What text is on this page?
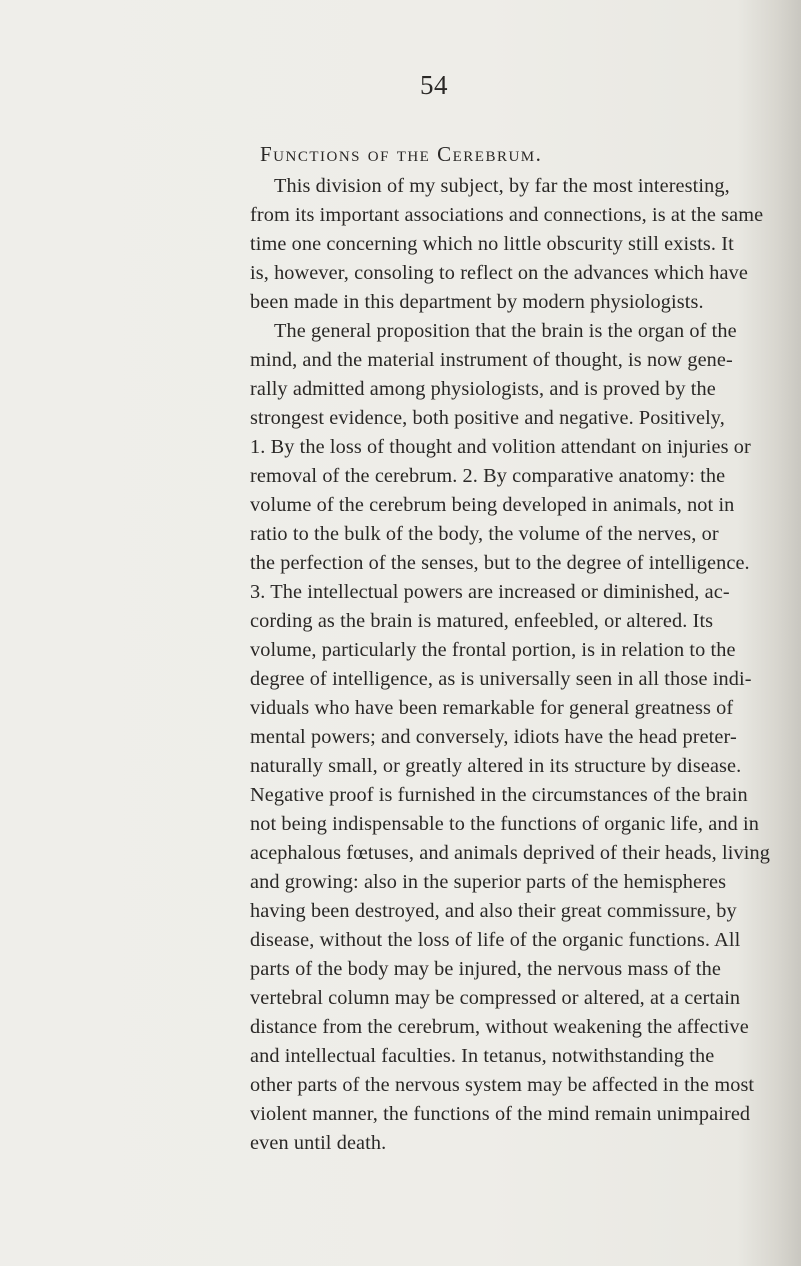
54
Functions of the Cerebrum.
This division of my subject, by far the most interesting,
from its important associations and connections, is at the same
time one concerning which no little obscurity still exists. It
is, however, consoling to reflect on the advances which have
been made in this department by modern physiologists.
The general proposition that the brain is the organ of the
mind, and the material instrument of thought, is now gene-
rally admitted among physiologists, and is proved by the
strongest evidence, both positive and negative. Positively,
1. By the loss of thought and volition attendant on injuries or
removal of the cerebrum. 2. By comparative anatomy: the
volume of the cerebrum being developed in animals, not in
ratio to the bulk of the body, the volume of the nerves, or
the perfection of the senses, but to the degree of intelligence.
3. The intellectual powers are increased or diminished, ac-
cording as the brain is matured, enfeebled, or altered. Its
volume, particularly the frontal portion, is in relation to the
degree of intelligence, as is universally seen in all those indi-
viduals who have been remarkable for general greatness of
mental powers; and conversely, idiots have the head preter-
naturally small, or greatly altered in its structure by disease.
Negative proof is furnished in the circumstances of the brain
not being indispensable to the functions of organic life, and in
acephalous fœtuses, and animals deprived of their heads, living
and growing: also in the superior parts of the hemispheres
having been destroyed, and also their great commissure, by
disease, without the loss of life of the organic functions. All
parts of the body may be injured, the nervous mass of the
vertebral column may be compressed or altered, at a certain
distance from the cerebrum, without weakening the affective
and intellectual faculties. In tetanus, notwithstanding the
other parts of the nervous system may be affected in the most
violent manner, the functions of the mind remain unimpaired
even until death.
